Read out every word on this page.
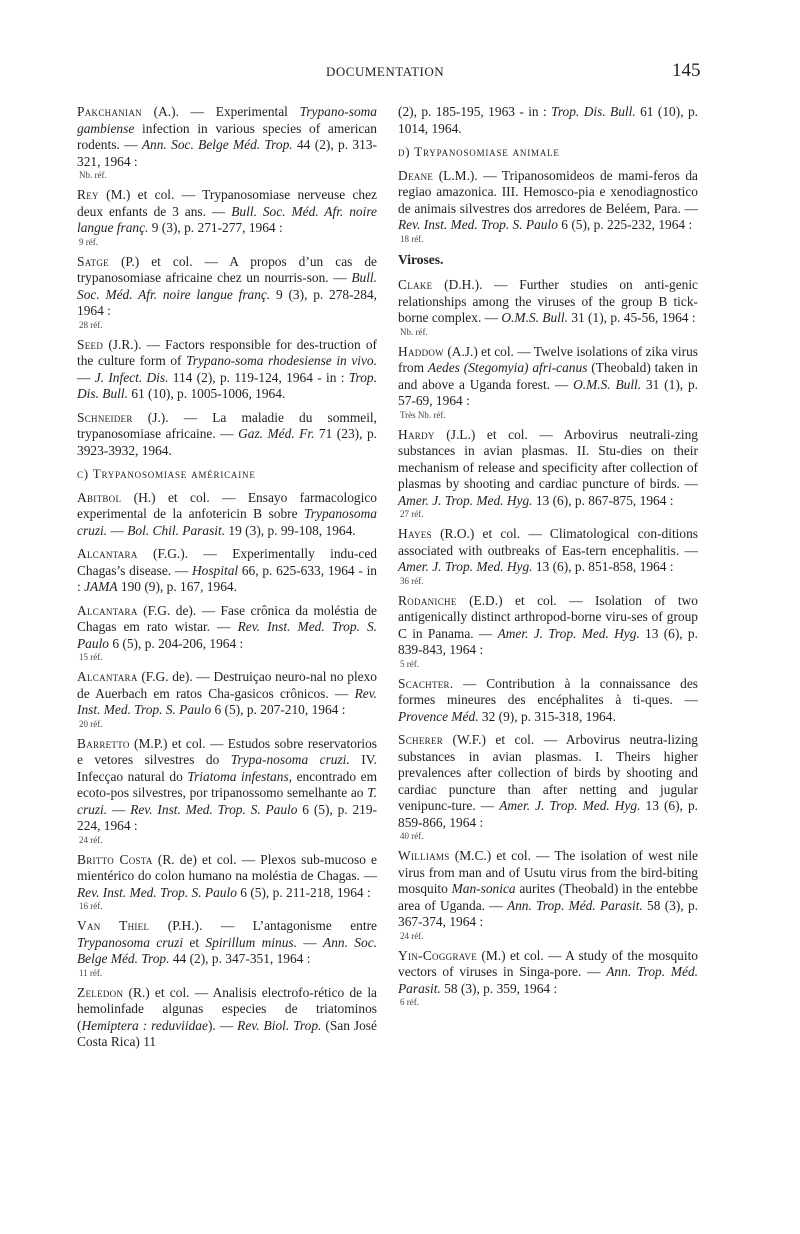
DOCUMENTATION	145
Pakchanian (A.). — Experimental Trypano-soma gambiense infection in various species of american rodents. — Ann. Soc. Belge Méd. Trop. 44 (2), p. 313-321, 1964 :
Nb. réf.
Rey (M.) et col. — Trypanosomiase nerveuse chez deux enfants de 3 ans. — Bull. Soc. Méd. Afr. noire langue franç. 9 (3), p. 271-277, 1964 :
9 réf.
Satge (P.) et col. — A propos d’un cas de trypanosomiase africaine chez un nourris-son. — Bull. Soc. Méd. Afr. noire langue franç. 9 (3), p. 278-284, 1964 :
28 réf.
Seed (J.R.). — Factors responsible for des-truction of the culture form of Trypano-soma rhodesiense in vivo. — J. Infect. Dis. 114 (2), p. 119-124, 1964 - in : Trop. Dis. Bull. 61 (10), p. 1005-1006, 1964.
Schneider (J.). — La maladie du sommeil, trypanosomiase africaine. — Gaz. Méd. Fr. 71 (23), p. 3923-3932, 1964.
c) Trypanosomiase américaine
Abitbol (H.) et col. — Ensayo farmacologico experimental de la anfotericin B sobre Trypanosoma cruzi. — Bol. Chil. Parasit. 19 (3), p. 99-108, 1964.
Alcantara (F.G.). — Experimentally indu-ced Chagas’s disease. — Hospital 66, p. 625-633, 1964 - in : JAMA 190 (9), p. 167, 1964.
Alcantara (F.G. de). — Fase crônica da moléstia de Chagas em rato wistar. — Rev. Inst. Med. Trop. S. Paulo 6 (5), p. 204-206, 1964 :
15 réf.
Alcantara (F.G. de). — Destruiçao neuro-nal no plexo de Auerbach em ratos Cha-gasicos crônicos. — Rev. Inst. Med. Trop. S. Paulo 6 (5), p. 207-210, 1964 :
20 réf.
Barretto (M.P.) et col. — Estudos sobre reservatorios e vetores silvestres do Trypa-nosoma cruzi. IV. Infecçao natural do Triatoma infestans, encontrado em ecoto-pos silvestres, por tripanossomo semelhante ao T. cruzi. — Rev. Inst. Med. Trop. S. Paulo 6 (5), p. 219-224, 1964 :
24 réf.
Britto Costa (R. de) et col. — Plexos sub-mucoso e mientérico do colon humano na moléstia de Chagas. — Rev. Inst. Med. Trop. S. Paulo 6 (5), p. 211-218, 1964 :
16 réf.
Van Thiel (P.H.). — L’antagonisme entre Trypanosoma cruzi et Spirillum minus. — Ann. Soc. Belge Méd. Trop. 44 (2), p. 347-351, 1964 :
11 réf.
Zeledon (R.) et col. — Analisis electrofo-rético de la hemolinfade algunas especies de triatominos (Hemiptera : reduviidae). — Rev. Biol. Trop. (San José Costa Rica) 11
(2), p. 185-195, 1963 - in : Trop. Dis. Bull. 61 (10), p. 1014, 1964.
d) Trypanosomiase animale
Deane (L.M.). — Tripanosomideos de mami-feros da regiao amazonica. III. Hemosco-pia e xenodiagnostico de animais silvestres dos arredores de Beléem, Para. — Rev. Inst. Med. Trop. S. Paulo 6 (5), p. 225-232, 1964 :
18 réf.
Viroses.
Clake (D.H.). — Further studies on anti-genic relationships among the viruses of the group B tick-borne complex. — O.M.S. Bull. 31 (1), p. 45-56, 1964 :
Nb. réf.
Haddow (A.J.) et col. — Twelve isolations of zika virus from Aedes (Stegomyia) afri-canus (Theobald) taken in and above a Uganda forest. — O.M.S. Bull. 31 (1), p. 57-69, 1964 :
Très Nb. réf.
Hardy (J.L.) et col. — Arbovirus neutrali-zing substances in avian plasmas. II. Stu-dies on their mechanism of release and specificity after collection of plasmas by shooting and cardiac puncture of birds. — Amer. J. Trop. Med. Hyg. 13 (6), p. 867-875, 1964 :
27 réf.
Hayes (R.O.) et col. — Climatological con-ditions associated with outbreaks of Eas-tern encephalitis. — Amer. J. Trop. Med. Hyg. 13 (6), p. 851-858, 1964 :
36 réf.
Rodaniche (E.D.) et col. — Isolation of two antigenically distinct arthropod-borne viru-ses of group C in Panama. — Amer. J. Trop. Med. Hyg. 13 (6), p. 839-843, 1964 :
5 réf.
Scachter. — Contribution à la connaissance des formes mineures des encéphalites à ti-ques. — Provence Méd. 32 (9), p. 315-318, 1964.
Scherer (W.F.) et col. — Arbovirus neutra-lizing substances in avian plasmas. I. Theirs higher prevalences after collection of birds by shooting and cardiac puncture than after netting and jugular venipunc-ture. — Amer. J. Trop. Med. Hyg. 13 (6), p. 859-866, 1964 :
40 réf.
Williams (M.C.) et col. — The isolation of west nile virus from man and of Usutu virus from the bird-biting mosquito Man-sonica aurites (Theobald) in the entebbe area of Uganda. — Ann. Trop. Méd. Parasit. 58 (3), p. 367-374, 1964 :
24 réf.
Yin-Coggrave (M.) et col. — A study of the mosquito vectors of viruses in Singa-pore. — Ann. Trop. Méd. Parasit. 58 (3), p. 359, 1964 :
6 réf.
